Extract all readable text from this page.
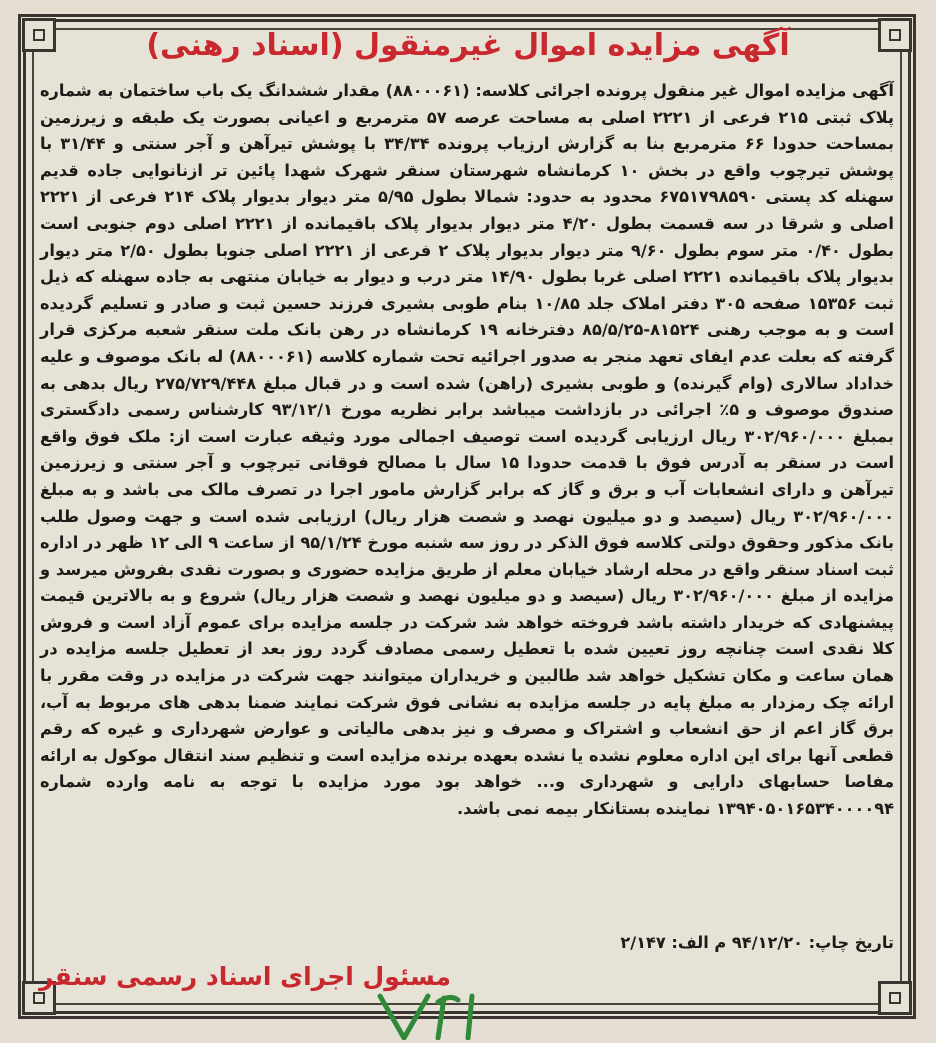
آگهی مزایده اموال غیرمنقول (اسناد رهنی)
آگهی مزایده اموال غیر منقول پرونده اجرائی کلاسه: (۸۸۰۰۰۶۱) مقدار ششدانگ یک باب ساختمان به شماره پلاک ثبتی ۲۱۵ فرعی از ۲۲۲۱ اصلی به مساحت عرصه ۵۷ مترمربع و اعیانی بصورت یک طبقه و زیرزمین بمساحت حدودا ۶۶ مترمربع بنا به گزارش ارزیاب پرونده ۳۴/۳۴ با پوشش تیرآهن و آجر سنتی و ۳۱/۴۴ با پوشش تیرچوب واقع در بخش ۱۰ کرمانشاه شهرستان سنقر شهرک شهدا پائین تر ازنانوایی جاده قدیم سهنله کد پستی ۶۷۵۱۷۹۸۵۹۰ محدود به حدود: شمالا بطول ۵/۹۵ متر دیوار بدیوار پلاک ۲۱۴ فرعی از ۲۲۲۱ اصلی و شرقا در سه قسمت بطول ۴/۲۰ متر دیوار بدیوار پلاک باقیمانده از ۲۲۲۱ اصلی دوم جنوبی است بطول ۰/۴۰ متر سوم بطول ۹/۶۰ متر دیوار بدیوار پلاک ۲ فرعی از ۲۲۲۱ اصلی جنوبا بطول ۲/۵۰ متر دیوار بدیوار پلاک باقیمانده ۲۲۲۱ اصلی غربا بطول ۱۴/۹۰ متر درب و دیوار به خیابان منتهی به جاده سهنله که ذیل ثبت ۱۵۳۵۶ صفحه ۳۰۵ دفتر املاک جلد ۱۰/۸۵ بنام طوبی بشیری فرزند حسین ثبت و صادر و تسلیم گردیده است و به موجب رهنی ۸۱۵۲۴-۸۵/۵/۲۵ دفترخانه ۱۹ کرمانشاه در رهن بانک ملت سنقر شعبه مرکزی قرار گرفته که بعلت عدم ایفای تعهد منجر به صدور اجرائیه تحت شماره کلاسه (۸۸۰۰۰۶۱) له بانک موصوف و علیه خداداد سالاری (وام گیرنده) و طوبی بشیری (راهن) شده است و در قبال مبلغ ۲۷۵/۷۲۹/۴۴۸ ریال بدهی به صندوق موصوف و ۵٪ اجرائی در بازداشت میباشد برابر نظریه مورخ ۹۳/۱۲/۱ کارشناس رسمی دادگستری بمبلغ ۳۰۲/۹۶۰/۰۰۰ ریال ارزیابی گردیده است توصیف اجمالی مورد وثیقه عبارت است از: ملک فوق واقع است در سنقر به آدرس فوق با قدمت حدودا ۱۵ سال با مصالح فوقانی تیرچوب و آجر سنتی و زیرزمین تیرآهن و دارای انشعابات آب و برق و گاز که برابر گزارش مامور اجرا در تصرف مالک می باشد و به مبلغ ۳۰۲/۹۶۰/۰۰۰ ریال (سیصد و دو میلیون نهصد و شصت هزار ریال) ارزیابی شده است و جهت وصول طلب بانک مذکور وحقوق دولتی کلاسه فوق الذکر در روز سه شنبه مورخ ۹۵/۱/۲۴ از ساعت ۹ الی ۱۲ ظهر در اداره ثبت اسناد سنقر واقع در محله ارشاد خیابان معلم از طریق مزایده حضوری و بصورت نقدی بفروش میرسد و مزایده از مبلغ ۳۰۲/۹۶۰/۰۰۰ ریال (سیصد و دو میلیون نهصد و شصت هزار ریال) شروع و به بالاترین قیمت پیشنهادی که خریدار داشته باشد فروخته خواهد شد شرکت در جلسه مزایده برای عموم آزاد است و فروش کلا نقدی است چنانچه روز تعیین شده با تعطیل رسمی مصادف گردد روز بعد از تعطیل جلسه مزایده در همان ساعت و مکان تشکیل خواهد شد طالبین و خریداران میتوانند جهت شرکت در مزایده در وقت مقرر با ارائه چک رمزدار به مبلغ پایه در جلسه مزایده به نشانی فوق شرکت نمایند ضمنا بدهی های مربوط به آب، برق گاز اعم از حق انشعاب و اشتراک و مصرف و نیز بدهی مالیاتی و عوارض شهرداری و غیره که رقم قطعی آنها برای این اداره معلوم نشده یا نشده بعهده برنده مزایده است و تنظیم سند انتقال موکول به ارائه مفاصا حسابهای دارایی و شهرداری و... خواهد بود مورد مزایده با توجه به نامه وارده شماره ۱۳۹۴۰۵۰۱۶۵۳۴۰۰۰۰۹۴ نماینده بستانکار بیمه نمی باشد.
تاریخ چاپ: ۹۴/۱۲/۲۰ م الف: ۲/۱۴۷
مسئول اجرای اسناد رسمی سنقر
